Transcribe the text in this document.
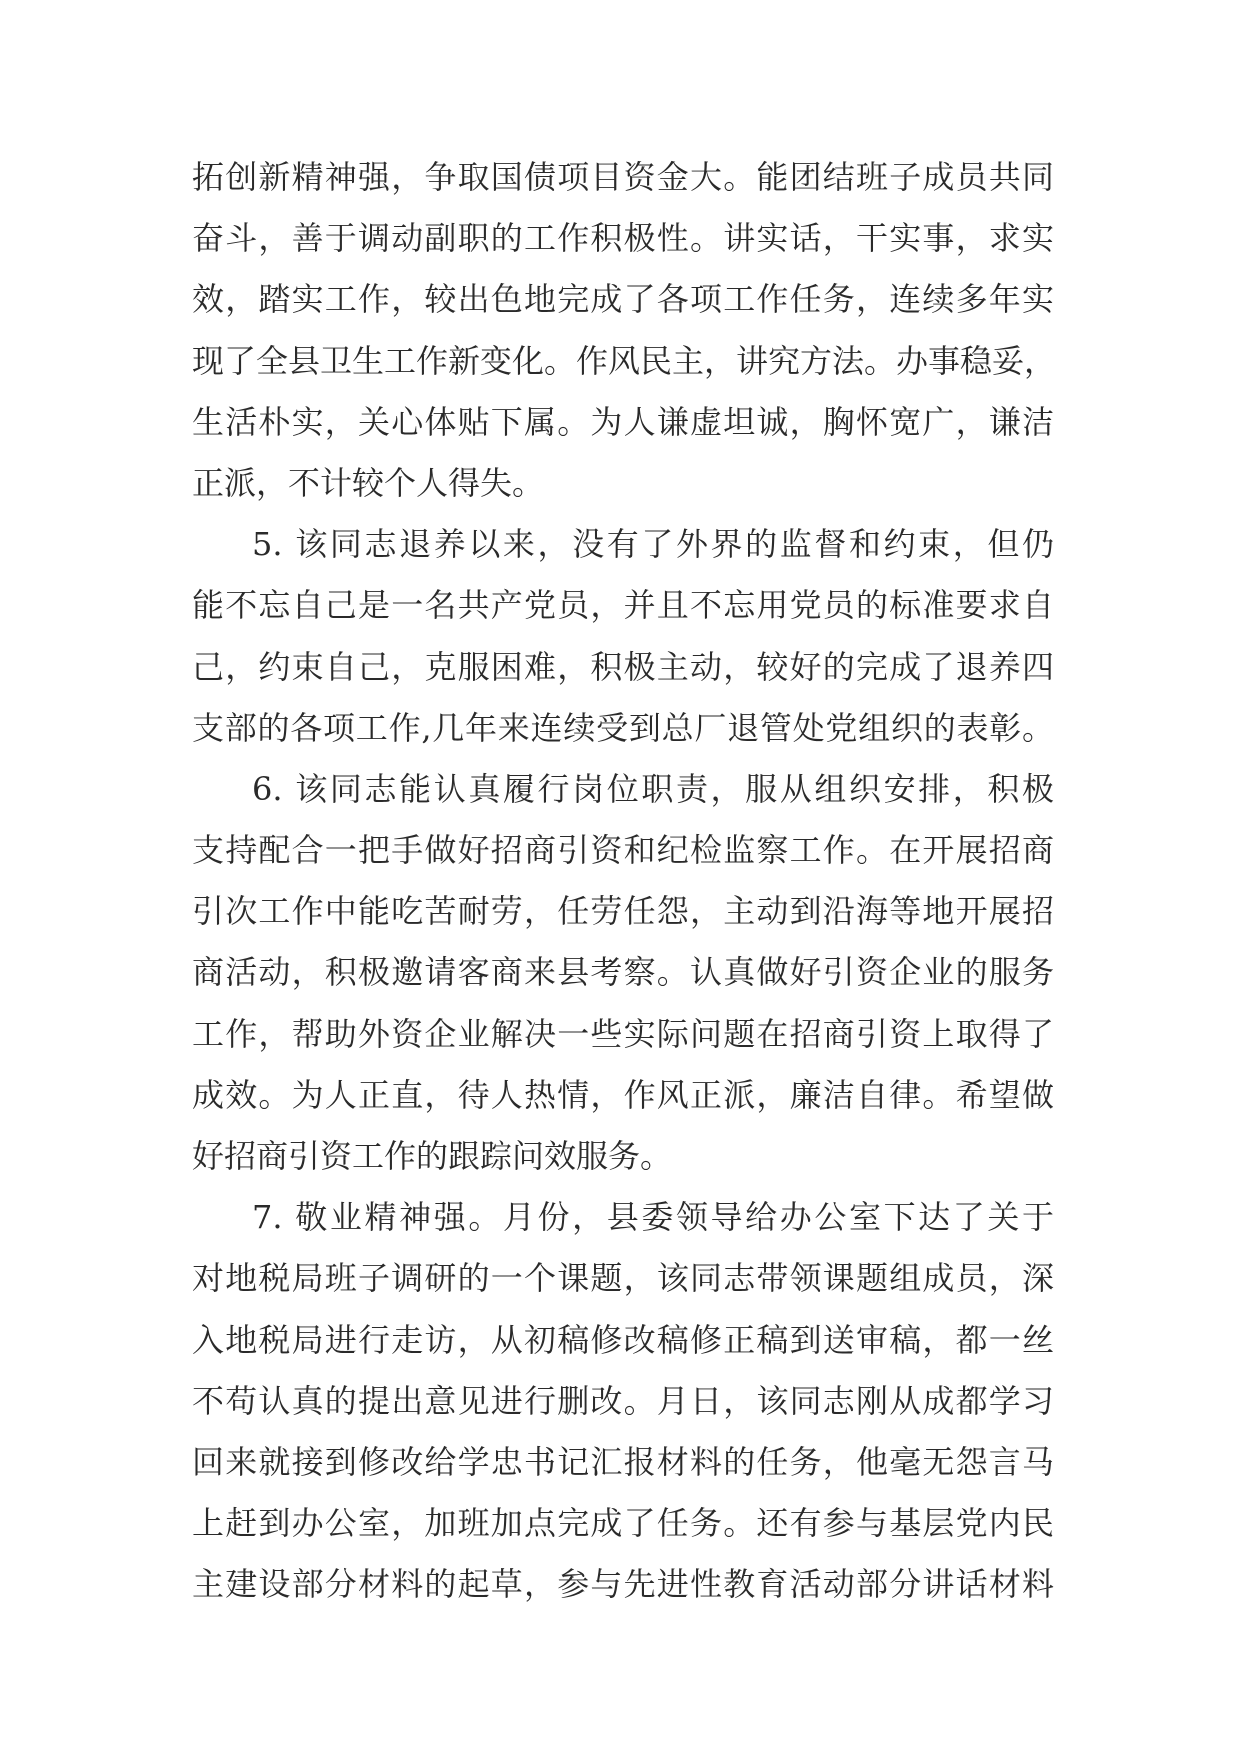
拓创新精神强，争取国债项目资金大。能团结班子成员共同
奋斗，善于调动副职的工作积极性。讲实话，干实事，求实
效，踏实工作，较出色地完成了各项工作任务，连续多年实
现了全县卫生工作新变化。作风民主，讲究方法。办事稳妥，
生活朴实，关心体贴下属。为人谦虚坦诚，胸怀宽广，谦洁
正派，不计较个人得失。
5. 该同志退养以来，没有了外界的监督和约束，但仍
能不忘自己是一名共产党员，并且不忘用党员的标准要求自
己，约束自己，克服困难，积极主动，较好的完成了退养四
支部的各项工作,几年来连续受到总厂退管处党组织的表彰。
6. 该同志能认真履行岗位职责，服从组织安排，积极
支持配合一把手做好招商引资和纪检监察工作。在开展招商
引次工作中能吃苦耐劳，任劳任怨，主动到沿海等地开展招
商活动，积极邀请客商来县考察。认真做好引资企业的服务
工作，帮助外资企业解决一些实际问题在招商引资上取得了
成效。为人正直，待人热情，作风正派，廉洁自律。希望做
好招商引资工作的跟踪问效服务。
7. 敬业精神强。月份，县委领导给办公室下达了关于
对地税局班子调研的一个课题，该同志带领课题组成员，深
入地税局进行走访，从初稿修改稿修正稿到送审稿，都一丝
不苟认真的提出意见进行删改。月日，该同志刚从成都学习
回来就接到修改给学忠书记汇报材料的任务，他毫无怨言马
上赶到办公室，加班加点完成了任务。还有参与基层党内民
主建设部分材料的起草，参与先进性教育活动部分讲话材料
